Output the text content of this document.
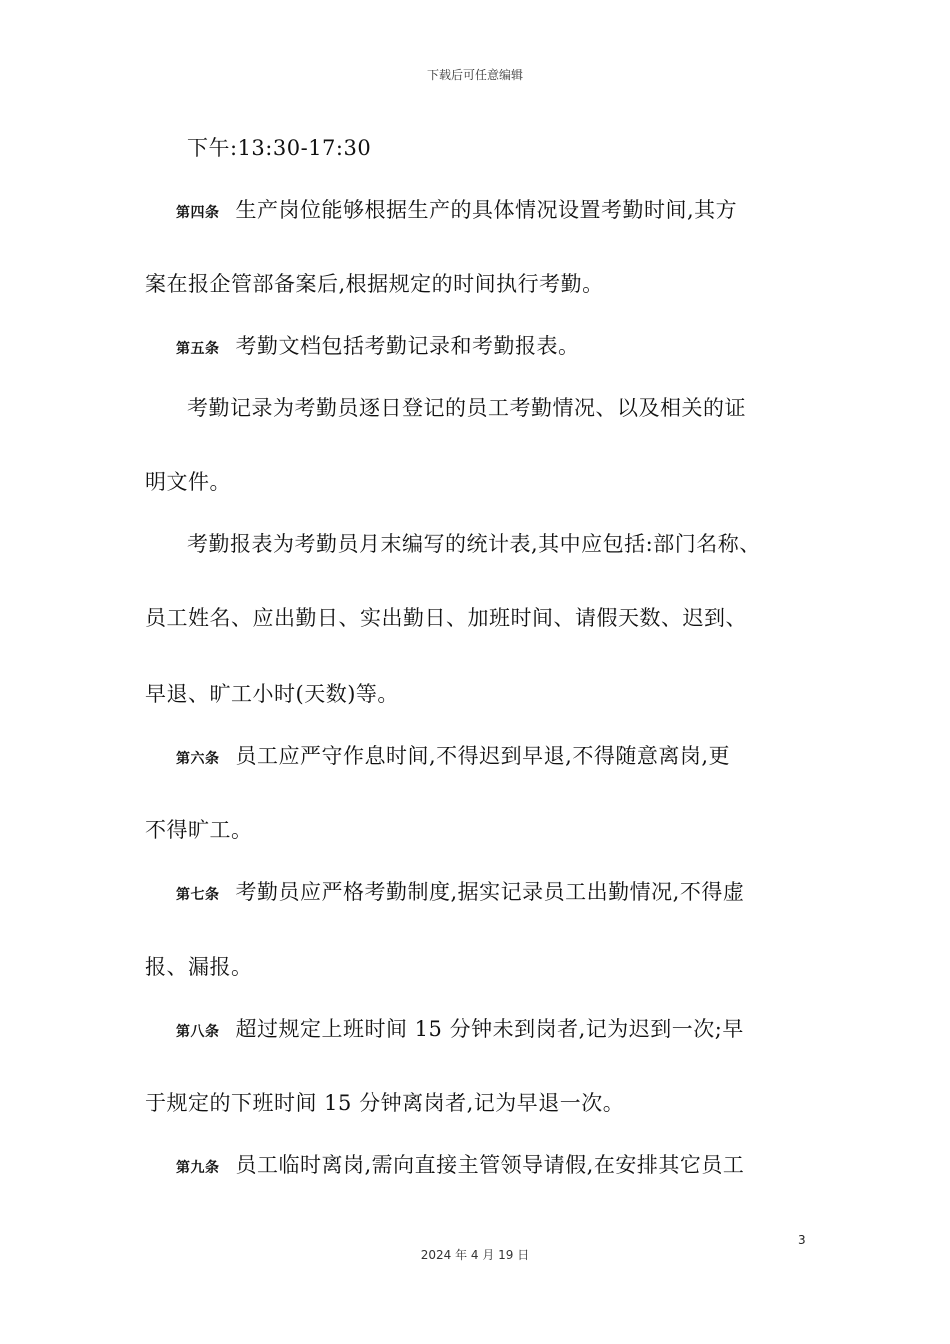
下载后可任意编辑
下午:13:30-17:30
第四条 生产岗位能够根据生产的具体情况设置考勤时间,其方
案在报企管部备案后,根据规定的时间执行考勤。
第五条 考勤文档包括考勤记录和考勤报表。
考勤记录为考勤员逐日登记的员工考勤情况、以及相关的证
明文件。
考勤报表为考勤员月末编写的统计表,其中应包括:部门名称、
员工姓名、应出勤日、实出勤日、加班时间、请假天数、迟到、
早退、旷工小时(天数)等。
第六条 员工应严守作息时间,不得迟到早退,不得随意离岗,更
不得旷工。
第七条 考勤员应严格考勤制度,据实记录员工出勤情况,不得虚
报、漏报。
第八条 超过规定上班时间 15 分钟未到岗者,记为迟到一次;早
于规定的下班时间 15 分钟离岗者,记为早退一次。
第九条 员工临时离岗,需向直接主管领导请假,在安排其它员工
3
2024 年 4 月 19 日
